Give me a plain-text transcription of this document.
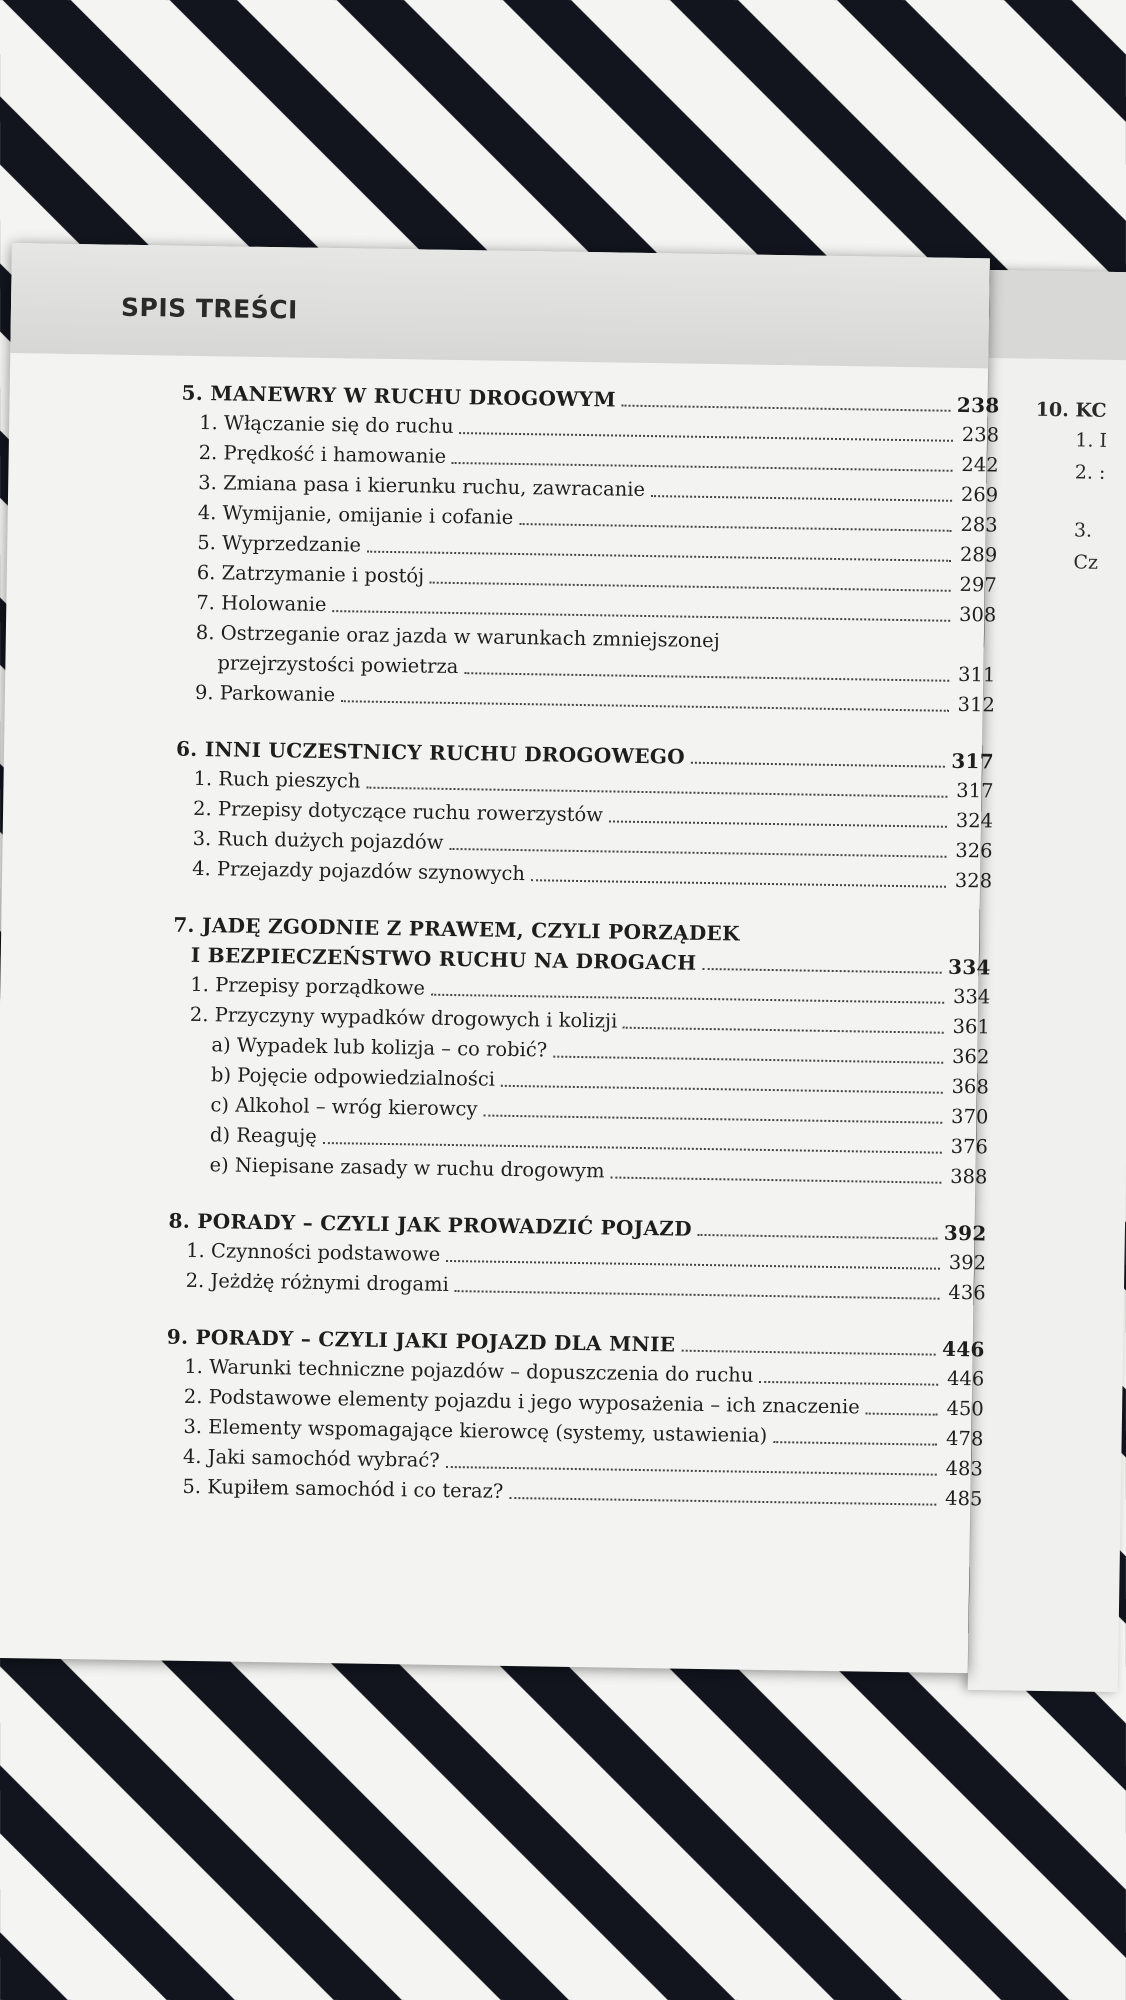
10. KC
1. I
2. :
3.
Cz
SPIS TREŚCI
5. MANEWRY W RUCHU DROGOWYM	238
1. Włączanie się do ruchu	238
2. Prędkość i hamowanie	242
3. Zmiana pasa i kierunku ruchu, zawracanie	269
4. Wymijanie, omijanie i cofanie	283
5. Wyprzedzanie	289
6. Zatrzymanie i postój	297
7. Holowanie	308
8. Ostrzeganie oraz jazda w warunkach zmniejszonej
przejrzystości powietrza	311
9. Parkowanie	312
6. INNI UCZESTNICY RUCHU DROGOWEGO	317
1. Ruch pieszych	317
2. Przepisy dotyczące ruchu rowerzystów	324
3. Ruch dużych pojazdów	326
4. Przejazdy pojazdów szynowych	328
7. JADĘ ZGODNIE Z PRAWEM, CZYLI PORZĄDEK
I BEZPIECZEŃSTWO RUCHU NA DROGACH	334
1. Przepisy porządkowe	334
2. Przyczyny wypadków drogowych i kolizji	361
a) Wypadek lub kolizja – co robić?	362
b) Pojęcie odpowiedzialności	368
c) Alkohol – wróg kierowcy	370
d) Reaguję	376
e) Niepisane zasady w ruchu drogowym	388
8. PORADY – CZYLI JAK PROWADZIĆ POJAZD	392
1. Czynności podstawowe	392
2. Jeżdżę różnymi drogami	436
9. PORADY – CZYLI JAKI POJAZD DLA MNIE	446
1. Warunki techniczne pojazdów – dopuszczenia do ruchu	446
2. Podstawowe elementy pojazdu i jego wyposażenia – ich znaczenie	450
3. Elementy wspomagające kierowcę (systemy, ustawienia)	478
4. Jaki samochód wybrać?	483
5. Kupiłem samochód i co teraz?	485
